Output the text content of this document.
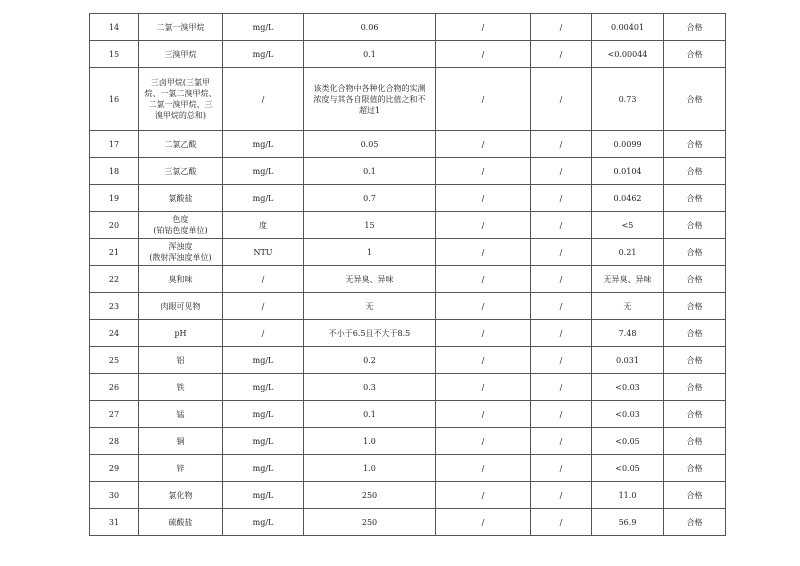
14	二氯一溴甲烷	mg/L	0.06	/	/	0.00401	合格
15	三溴甲烷	mg/L	0.1	/	/	<0.00044	合格
16	三卤甲烷(三氯甲
烷、一氯二溴甲烷、
二氯一溴甲烷、三
溴甲烷的总和)	/	该类化合物中各种化合物的实测
浓度与其各自限值的比值之和不
超过1	/	/	0.73	合格
17	二氯乙酸	mg/L	0.05	/	/	0.0099	合格
18	三氯乙酸	mg/L	0.1	/	/	0.0104	合格
19	氯酸盐	mg/L	0.7	/	/	0.0462	合格
20	色度
(铂钴色度单位)	度	15	/	/	<5	合格
21	浑浊度
(散射浑浊度单位)	NTU	1	/	/	0.21	合格
22	臭和味	/	无异臭、异味	/	/	无异臭、异味	合格
23	肉眼可见物	/	无	/	/	无	合格
24	pH	/	不小于6.5且不大于8.5	/	/	7.48	合格
25	铝	mg/L	0.2	/	/	0.031	合格
26	铁	mg/L	0.3	/	/	<0.03	合格
27	锰	mg/L	0.1	/	/	<0.03	合格
28	铜	mg/L	1.0	/	/	<0.05	合格
29	锌	mg/L	1.0	/	/	<0.05	合格
30	氯化物	mg/L	250	/	/	11.0	合格
31	硫酸盐	mg/L	250	/	/	56.9	合格
